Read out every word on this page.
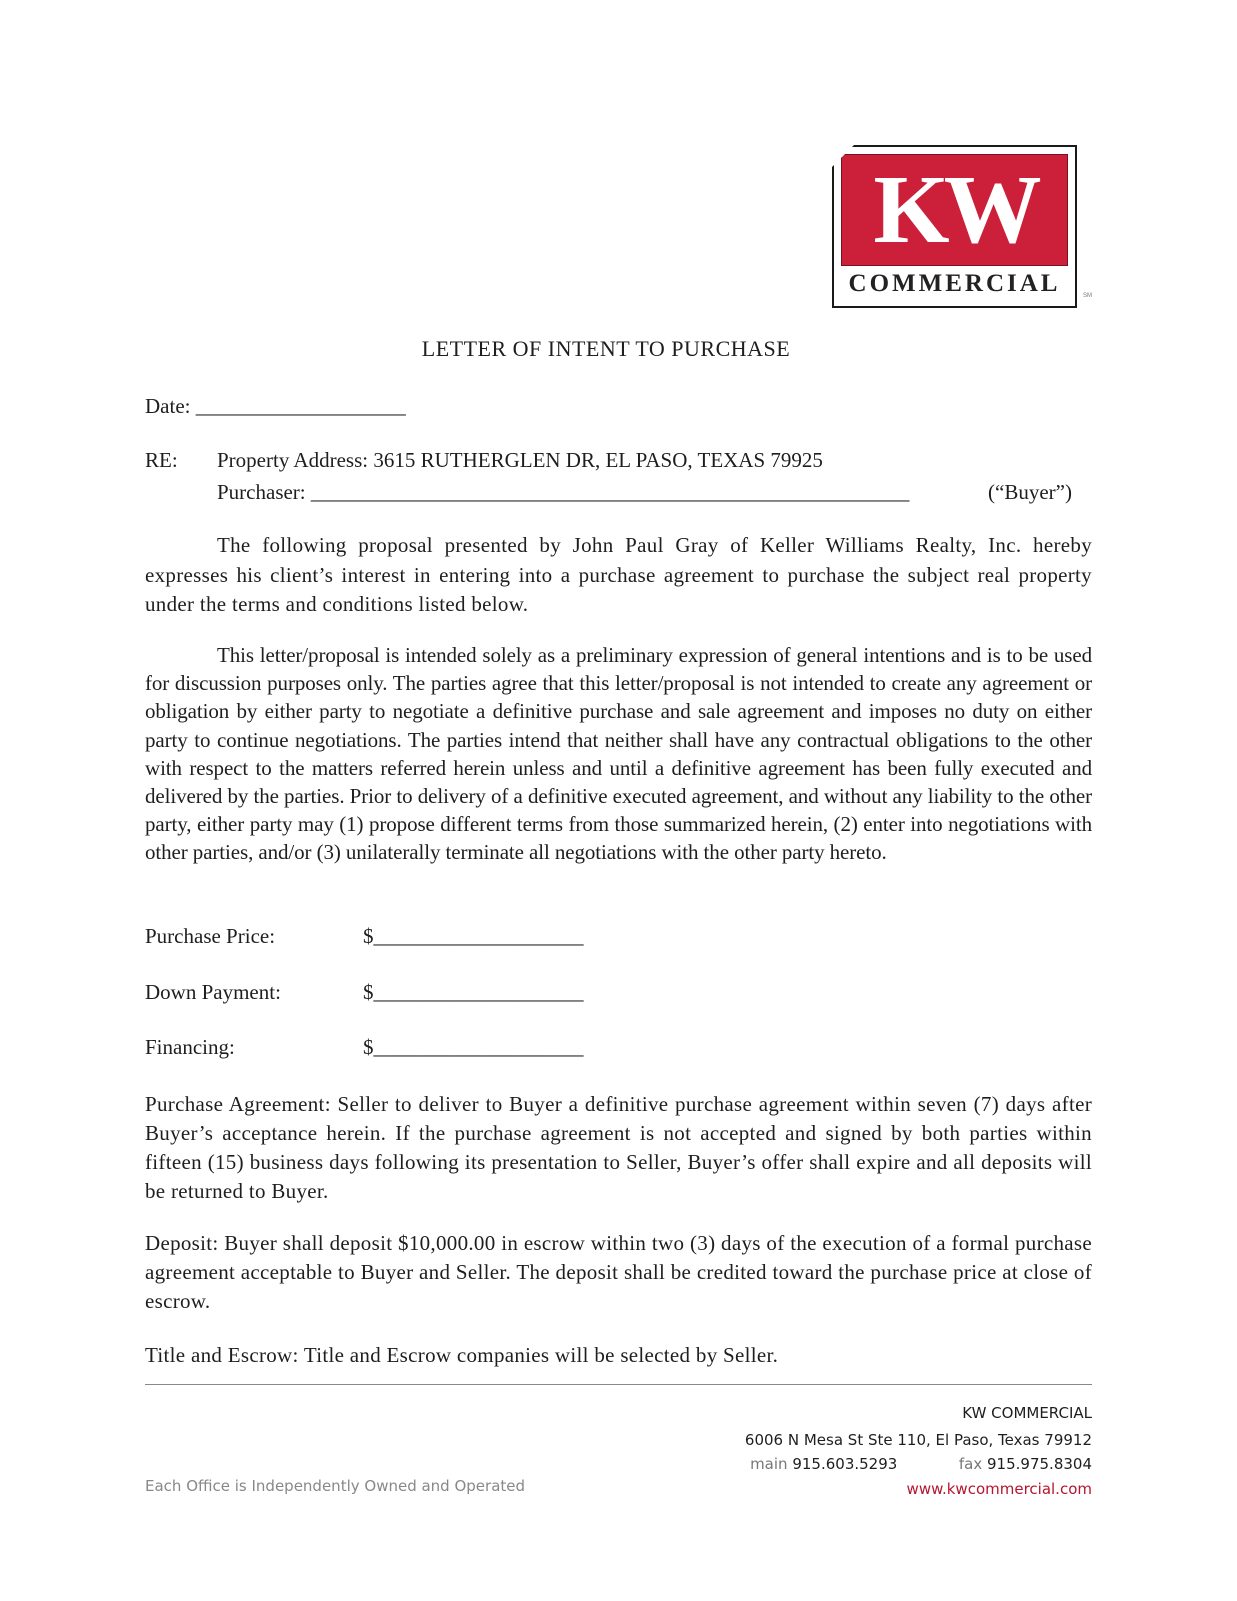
KW
COMMERCIAL	SM
LETTER OF INTENT TO PURCHASE
Date: ____________________
RE: Property Address: 3615 RUTHERGLEN DR, EL PASO, TEXAS 79925
Purchaser: _________________________________________________________	(“Buyer”)
The following proposal presented by John Paul Gray of Keller Williams Realty, Inc. hereby expresses his client’s interest in entering into a purchase agreement to purchase the subject real property under the terms and conditions listed below.
This letter/proposal is intended solely as a preliminary expression of general intentions and is to be used for discussion purposes only. The parties agree that this letter/proposal is not intended to create any agreement or obligation by either party to negotiate a definitive purchase and sale agreement and imposes no duty on either party to continue negotiations. The parties intend that neither shall have any contractual obligations to the other with respect to the matters referred herein unless and until a definitive agreement has been fully executed and delivered by the parties. Prior to delivery of a definitive executed agreement, and without any liability to the other party, either party may (1) propose different terms from those summarized herein, (2) enter into negotiations with other parties, and/or (3) unilaterally terminate all negotiations with the other party hereto.
Purchase Price:	$____________________
Down Payment:	$____________________
Financing:	$____________________
Purchase Agreement: Seller to deliver to Buyer a definitive purchase agreement within seven (7) days after Buyer’s acceptance herein. If the purchase agreement is not accepted and signed by both parties within fifteen (15) business days following its presentation to Seller, Buyer’s offer shall expire and all deposits will be returned to Buyer.
Deposit: Buyer shall deposit $10,000.00 in escrow within two (3) days of the execution of a formal purchase agreement acceptable to Buyer and Seller. The deposit shall be credited toward the purchase price at close of escrow.
Title and Escrow: Title and Escrow companies will be selected by Seller.
KW COMMERCIAL
6006 N Mesa St Ste 110, El Paso, Texas 79912
main 915.603.5293	fax 915.975.8304
www.kwcommercial.com
Each Office is Independently Owned and Operated
